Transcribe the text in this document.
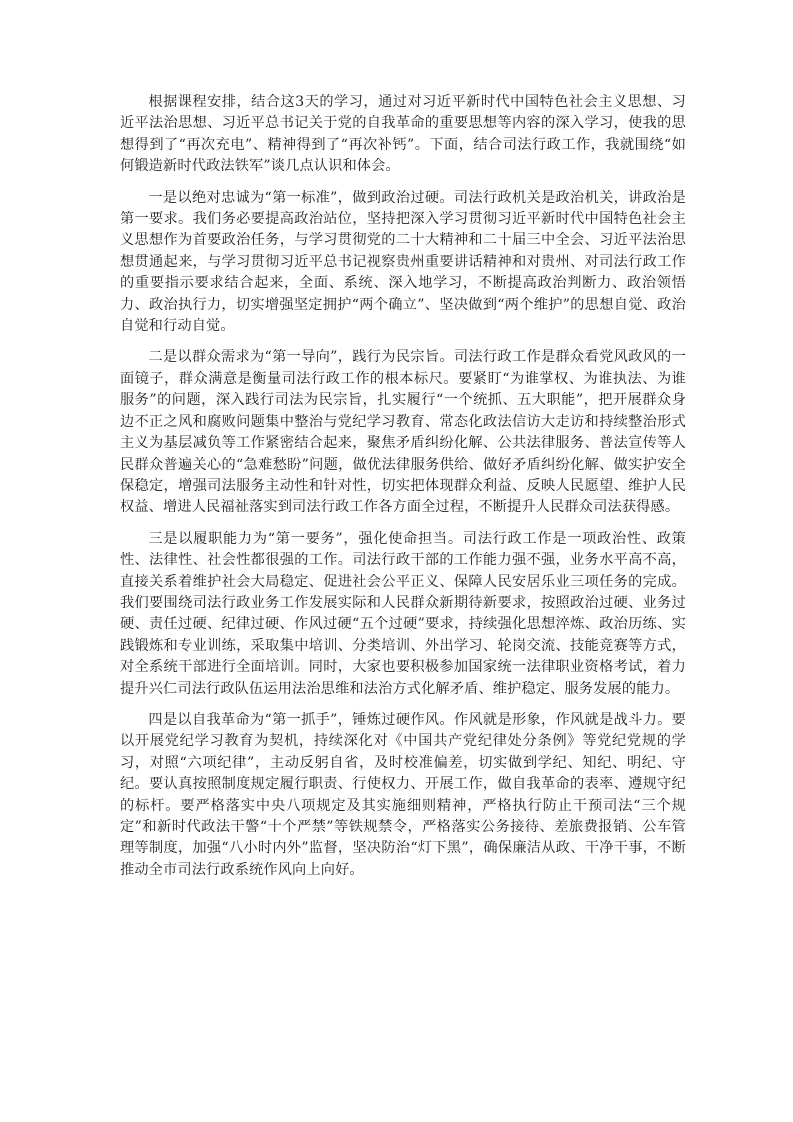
根据课程安排，结合这3天的学习，通过对习近平新时代中国特色社会主义思想、习近平法治思想、习近平总书记关于党的自我革命的重要思想等内容的深入学习，使我的思想得到了“再次充电”、精神得到了“再次补钙”。下面，结合司法行政工作，我就围绕“如何锻造新时代政法铁军”谈几点认识和体会。

一是以绝对忠诚为“第一标准”，做到政治过硬。司法行政机关是政治机关，讲政治是第一要求。我们务必要提高政治站位，坚持把深入学习贯彻习近平新时代中国特色社会主义思想作为首要政治任务，与学习贯彻党的二十大精神和二十届三中全会、习近平法治思想贯通起来，与学习贯彻习近平总书记视察贵州重要讲话精神和对贵州、对司法行政工作的重要指示要求结合起来，全面、系统、深入地学习，不断提高政治判断力、政治领悟力、政治执行力，切实增强坚定拥护“两个确立”、坚决做到“两个维护”的思想自觉、政治自觉和行动自觉。

二是以群众需求为“第一导向”，践行为民宗旨。司法行政工作是群众看党风政风的一面镜子，群众满意是衡量司法行政工作的根本标尺。要紧盯“为谁掌权、为谁执法、为谁服务”的问题，深入践行司法为民宗旨，扎实履行“一个统抓、五大职能”，把开展群众身边不正之风和腐败问题集中整治与党纪学习教育、常态化政法信访大走访和持续整治形式主义为基层减负等工作紧密结合起来，聚焦矛盾纠纷化解、公共法律服务、普法宣传等人民群众普遍关心的“急难愁盼”问题，做优法律服务供给、做好矛盾纠纷化解、做实护安全保稳定，增强司法服务主动性和针对性，切实把体现群众利益、反映人民愿望、维护人民权益、增进人民福祉落实到司法行政工作各方面全过程，不断提升人民群众司法获得感。

三是以履职能力为“第一要务”，强化使命担当。司法行政工作是一项政治性、政策性、法律性、社会性都很强的工作。司法行政干部的工作能力强不强，业务水平高不高，直接关系着维护社会大局稳定、促进社会公平正义、保障人民安居乐业三项任务的完成。我们要围绕司法行政业务工作发展实际和人民群众新期待新要求，按照政治过硬、业务过硬、责任过硬、纪律过硬、作风过硬“五个过硬”要求，持续强化思想淬炼、政治历练、实践锻炼和专业训练，采取集中培训、分类培训、外出学习、轮岗交流、技能竞赛等方式，对全系统干部进行全面培训。同时，大家也要积极参加国家统一法律职业资格考试，着力提升兴仁司法行政队伍运用法治思维和法治方式化解矛盾、维护稳定、服务发展的能力。

四是以自我革命为“第一抓手”，锤炼过硬作风。作风就是形象，作风就是战斗力。要以开展党纪学习教育为契机，持续深化对《中国共产党纪律处分条例》等党纪党规的学习，对照“六项纪律”，主动反躬自省，及时校准偏差，切实做到学纪、知纪、明纪、守纪。要认真按照制度规定履行职责、行使权力、开展工作，做自我革命的表率、遵规守纪的标杆。要严格落实中央八项规定及其实施细则精神，严格执行防止干预司法“三个规定”和新时代政法干警“十个严禁”等铁规禁令，严格落实公务接待、差旅费报销、公车管理等制度，加强“八小时内外”监督，坚决防治“灯下黑”，确保廉洁从政、干净干事，不断推动全市司法行政系统作风向上向好。
